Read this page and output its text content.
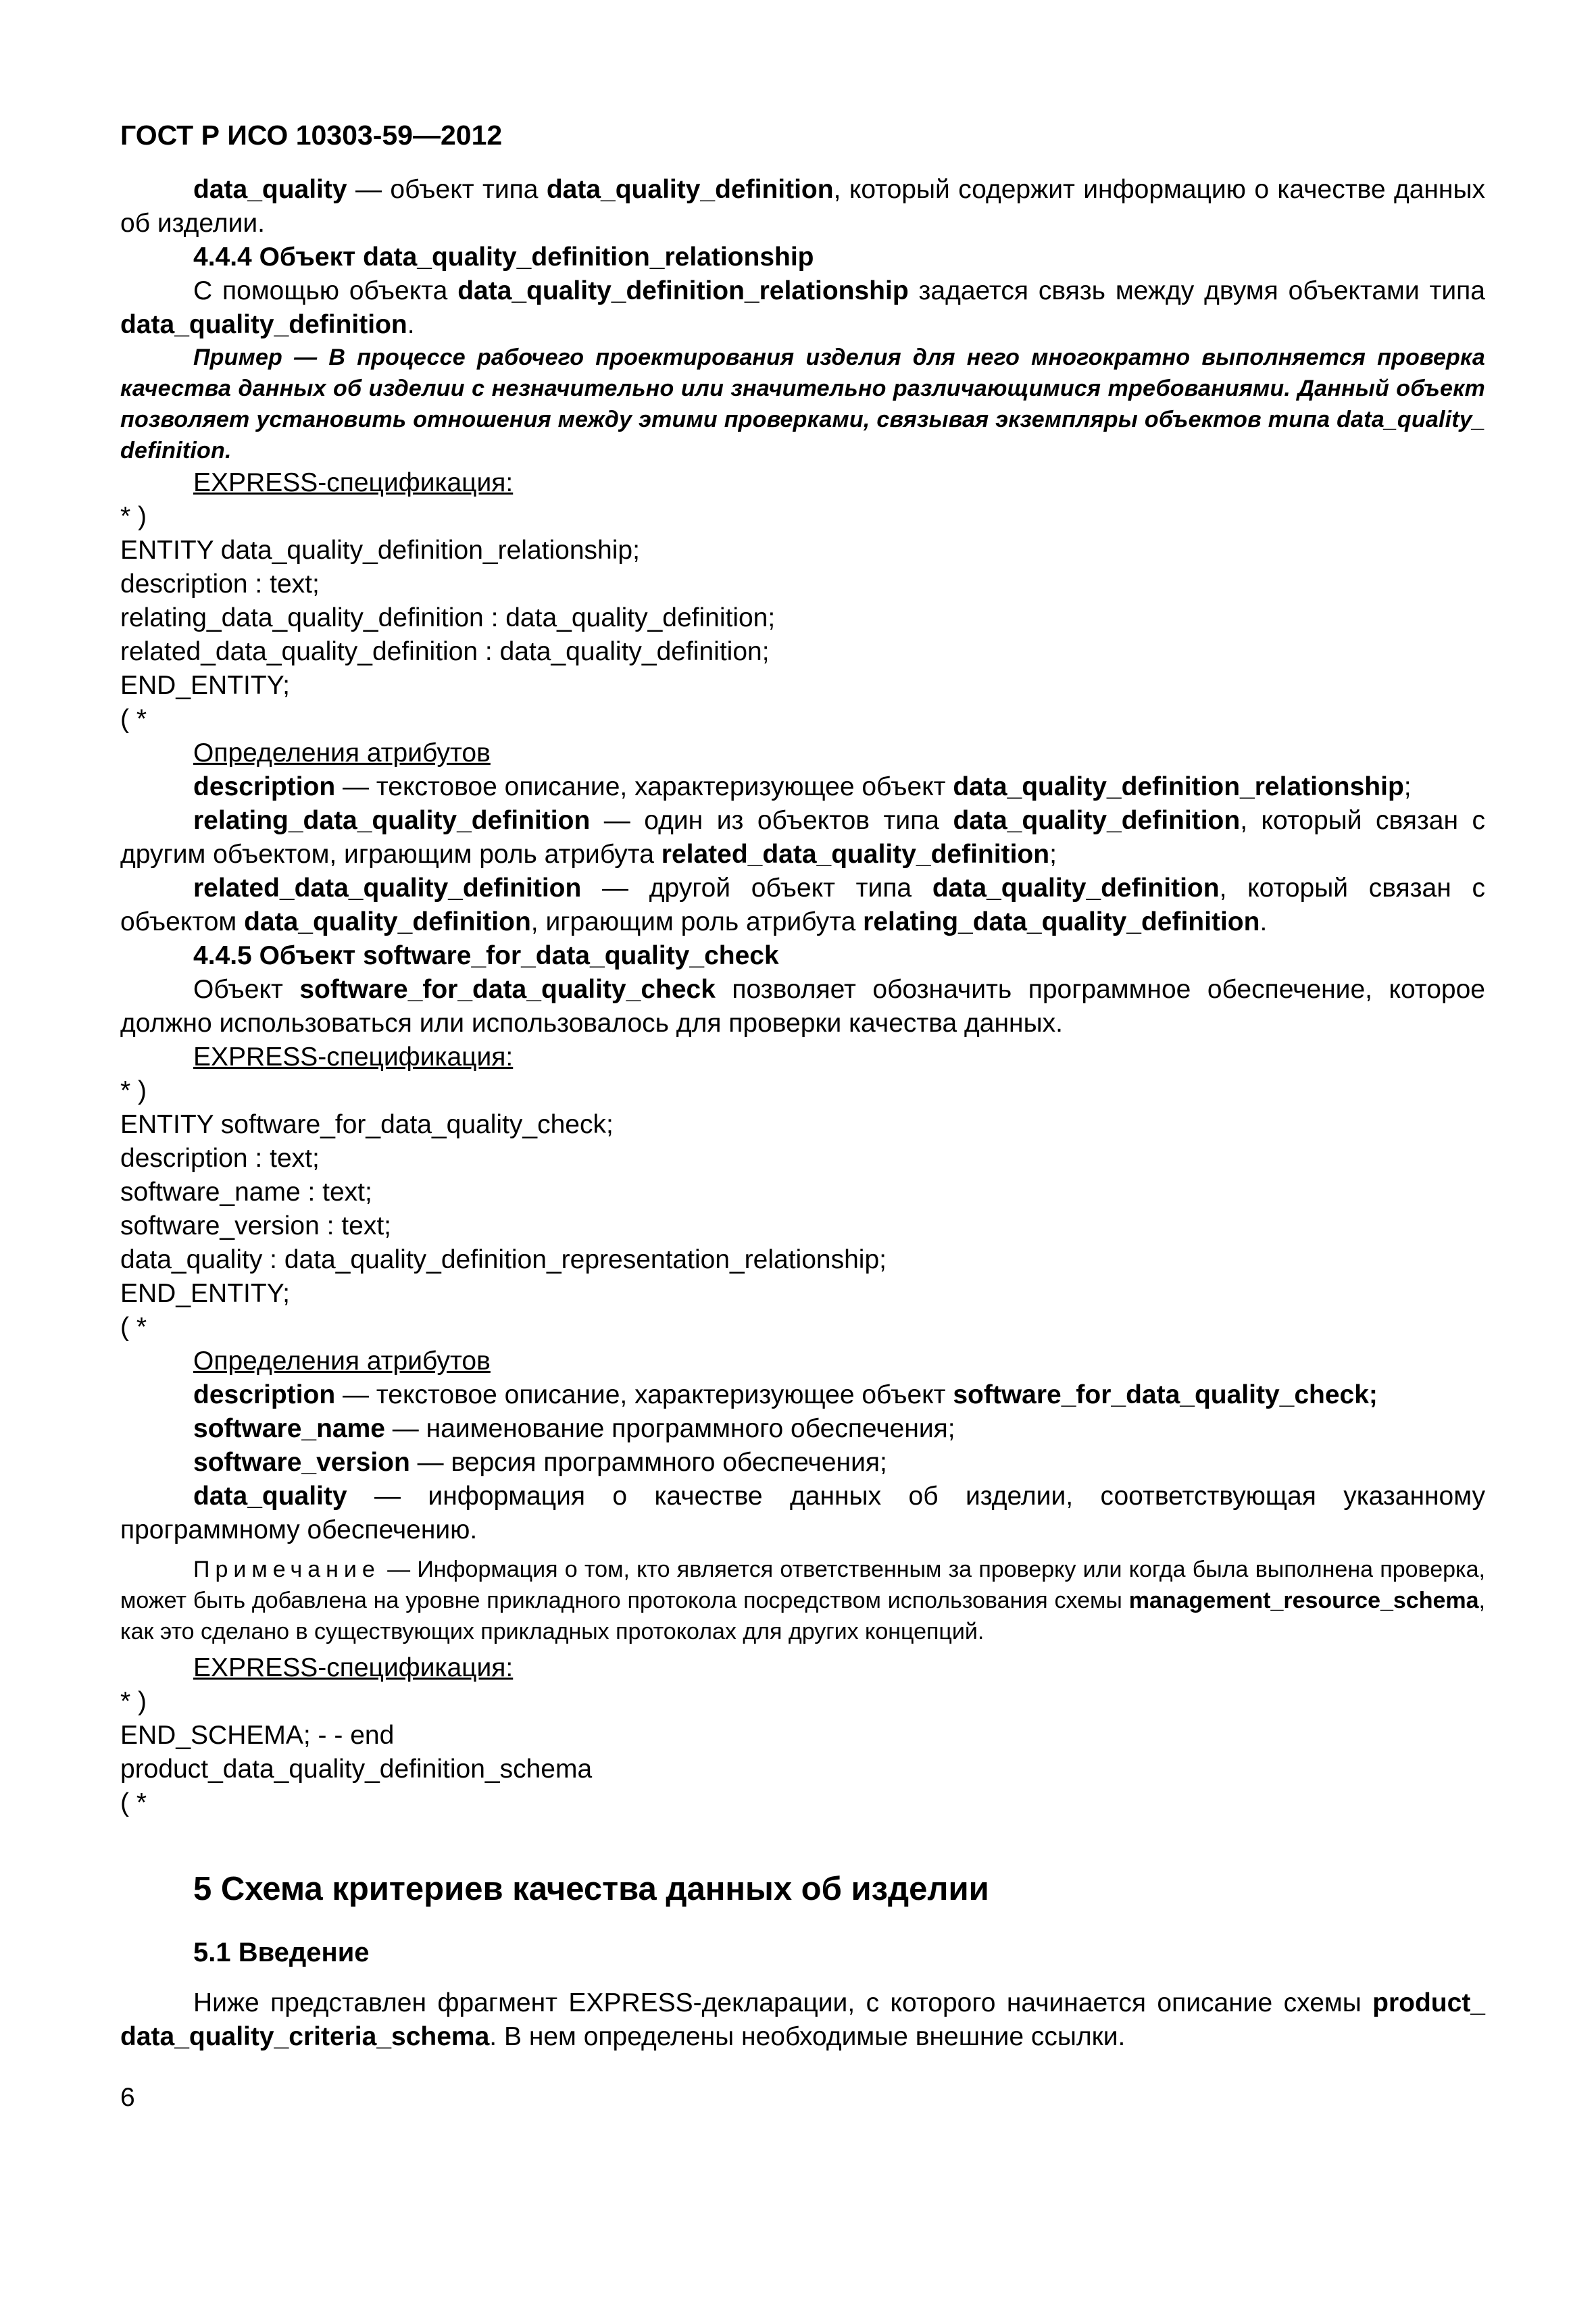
ГОСТ Р ИСО 10303-59—2012

data_quality — объект типа data_quality_definition, который содержит информацию о качестве данных об изделии.

4.4.4 Объект data_quality_definition_relationship

С помощью объекта data_quality_definition_relationship задается связь между двумя объектами типа data_quality_definition.

Пример — В процессе рабочего проектирования изделия для него многократно выполняется проверка качества данных об изделии с незначительно или значительно различающимися требованиями. Данный объект позволяет установить отношения между этими проверками, связывая экземпляры объектов типа data_quality_ definition.

EXPRESS-спецификация:

* )

ENTITY data_quality_definition_relationship;

description : text;

relating_data_quality_definition : data_quality_definition;

related_data_quality_definition : data_quality_definition;

END_ENTITY;

( *

Определения атрибутов

description — текстовое описание, характеризующее объект data_quality_definition_relationship;

relating_data_quality_definition — один из объектов типа data_quality_definition, который связан с другим объектом, играющим роль атрибута related_data_quality_definition;

related_data_quality_definition — другой объект типа data_quality_definition, который связан с объектом data_quality_definition, играющим роль атрибута relating_data_quality_definition.

4.4.5 Объект software_for_data_quality_check

Объект software_for_data_quality_check позволяет обозначить программное обеспечение, которое должно использоваться или использовалось для проверки качества данных.

EXPRESS-спецификация:

* )

ENTITY software_for_data_quality_check;

description : text;

software_name : text;

software_version : text;

data_quality : data_quality_definition_representation_relationship;

END_ENTITY;

( *

Определения атрибутов

description — текстовое описание, характеризующее объект software_for_data_quality_check;

software_name — наименование программного обеспечения;

software_version — версия программного обеспечения;

data_quality — информация о качестве данных об изделии, соответствующая указанному программному обеспечению.

Примечание — Информация о том, кто является ответственным за проверку или когда была выполнена проверка, может быть добавлена на уровне прикладного протокола посредством использования схемы management_resource_schema, как это сделано в существующих прикладных протоколах для других концепций.

EXPRESS-спецификация:

* )

END_SCHEMA; - - end

product_data_quality_definition_schema

( *

5 Схема критериев качества данных об изделии
5.1 Введение

Ниже представлен фрагмент EXPRESS-декларации, с которого начинается описание схемы product_ data_quality_criteria_schema. В нем определены необходимые внешние ссылки.

6
